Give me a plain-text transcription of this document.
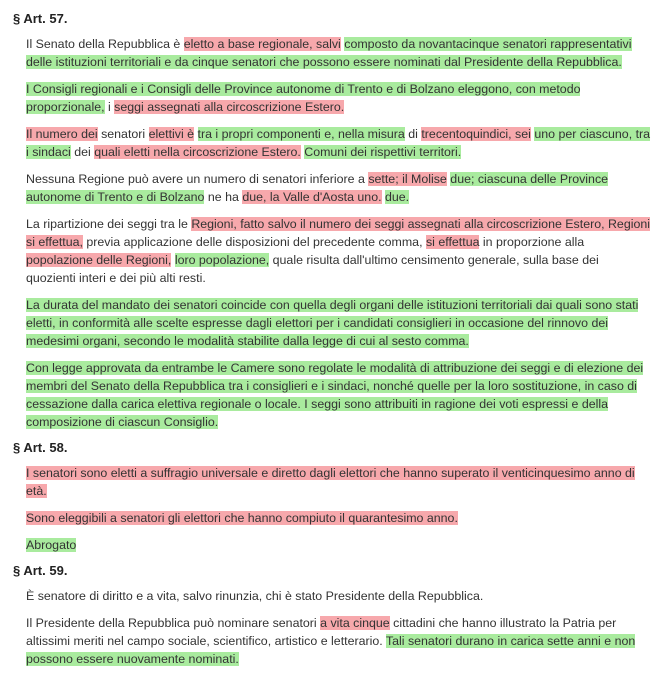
§ Art. 57.

Il Senato della Repubblica è eletto a base regionale, salvi composto da novantacinque senatori rappresentativi delle istituzioni territoriali e da cinque senatori che possono essere nominati dal Presidente della Repubblica.

I Consigli regionali e i Consigli delle Province autonome di Trento e di Bolzano eleggono, con metodo proporzionale, i seggi assegnati alla circoscrizione Estero.

Il numero dei senatori elettivi è tra i propri componenti e, nella misura di trecentoquindici, sei uno per ciascuno, tra i sindaci dei quali eletti nella circoscrizione Estero. Comuni dei rispettivi territori.

Nessuna Regione può avere un numero di senatori inferiore a sette; il Molise due; ciascuna delle Province autonome di Trento e di Bolzano ne ha due, la Valle d'Aosta uno. due.

La ripartizione dei seggi tra le Regioni, fatto salvo il numero dei seggi assegnati alla circoscrizione Estero, Regioni si effettua, previa applicazione delle disposizioni del precedente comma, si effettua in proporzione alla popolazione delle Regioni, loro popolazione, quale risulta dall'ultimo censimento generale, sulla base dei quozienti interi e dei più alti resti.

La durata del mandato dei senatori coincide con quella degli organi delle istituzioni territoriali dai quali sono stati eletti, in conformità alle scelte espresse dagli elettori per i candidati consiglieri in occasione del rinnovo dei medesimi organi, secondo le modalità stabilite dalla legge di cui al sesto comma.

Con legge approvata da entrambe le Camere sono regolate le modalità di attribuzione dei seggi e di elezione dei membri del Senato della Repubblica tra i consiglieri e i sindaci, nonché quelle per la loro sostituzione, in caso di cessazione dalla carica elettiva regionale o locale. I seggi sono attribuiti in ragione dei voti espressi e della composizione di ciascun Consiglio.

§ Art. 58.

I senatori sono eletti a suffragio universale e diretto dagli elettori che hanno superato il venticinquesimo anno di età.

Sono eleggibili a senatori gli elettori che hanno compiuto il quarantesimo anno.

Abrogato

§ Art. 59.

È senatore di diritto e a vita, salvo rinunzia, chi è stato Presidente della Repubblica.

Il Presidente della Repubblica può nominare senatori a vita cinque cittadini che hanno illustrato la Patria per altissimi meriti nel campo sociale, scientifico, artistico e letterario. Tali senatori durano in carica sette anni e non possono essere nuovamente nominati.
